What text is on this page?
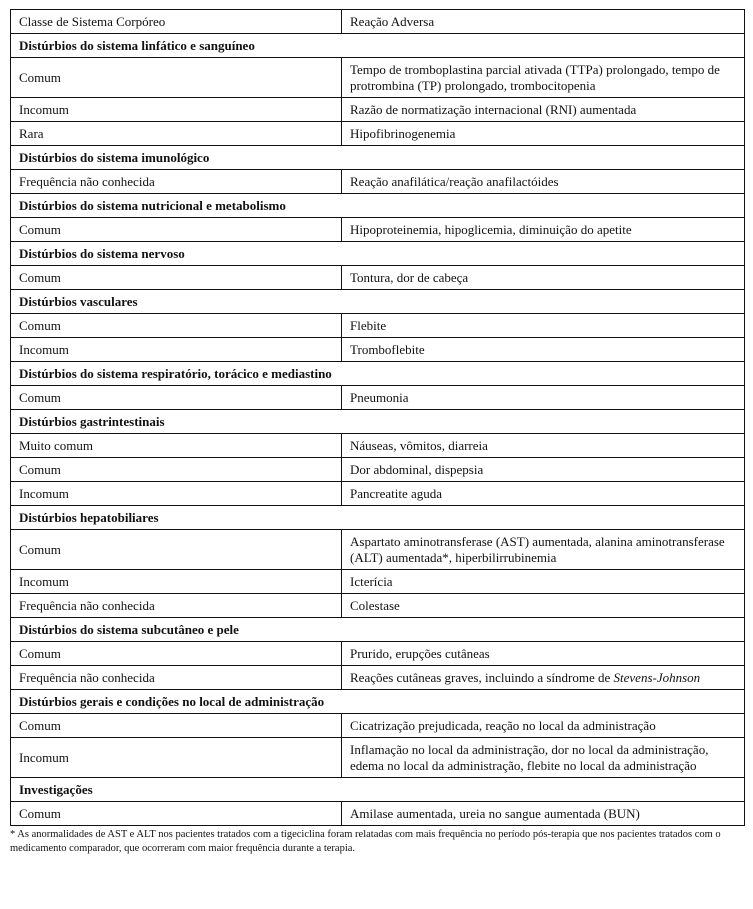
Classe de Sistema Corpóreo	Reação Adversa
Distúrbios do sistema linfático e sanguíneo	
Comum	Tempo de tromboplastina parcial ativada (TTPa) prolongado, tempo de protrombina (TP) prolongado, trombocitopenia
Incomum	Razão de normatização internacional (RNI) aumentada
Rara	Hipofibrinogenemia
Distúrbios do sistema imunológico	
Frequência não conhecida	Reação anafilática/reação anafilactóides
Distúrbios do sistema nutricional e metabolismo	
Comum	Hipoproteinemia, hipoglicemia, diminuição do apetite
Distúrbios do sistema nervoso	
Comum	Tontura, dor de cabeça
Distúrbios vasculares	
Comum	Flebite
Incomum	Tromboflebite
Distúrbios do sistema respiratório, torácico e mediastino	
Comum	Pneumonia
Distúrbios gastrintestinais	
Muito comum	Náuseas, vômitos, diarreia
Comum	Dor abdominal, dispepsia
Incomum	Pancreatite aguda
Distúrbios hepatobiliares	
Comum	Aspartato aminotransferase (AST) aumentada, alanina aminotransferase (ALT) aumentada*, hiperbilirrubinemia
Incomum	Icterícia
Frequência não conhecida	Colestase
Distúrbios do sistema subcutâneo e pele	
Comum	Prurido, erupções cutâneas
Frequência não conhecida	Reações cutâneas graves, incluindo a síndrome de Stevens-Johnson
Distúrbios gerais e condições no local de administração	
Comum	Cicatrização prejudicada, reação no local da administração
Incomum	Inflamação no local da administração, dor no local da administração, edema no local da administração, flebite no local da administração
Investigações	
Comum	Amilase aumentada, ureia no sangue aumentada (BUN)
* As anormalidades de AST e ALT nos pacientes tratados com a tigeciclina foram relatadas com mais frequência no período pós-terapia que nos pacientes tratados com o medicamento comparador, que ocorreram com maior frequência durante a terapia.
